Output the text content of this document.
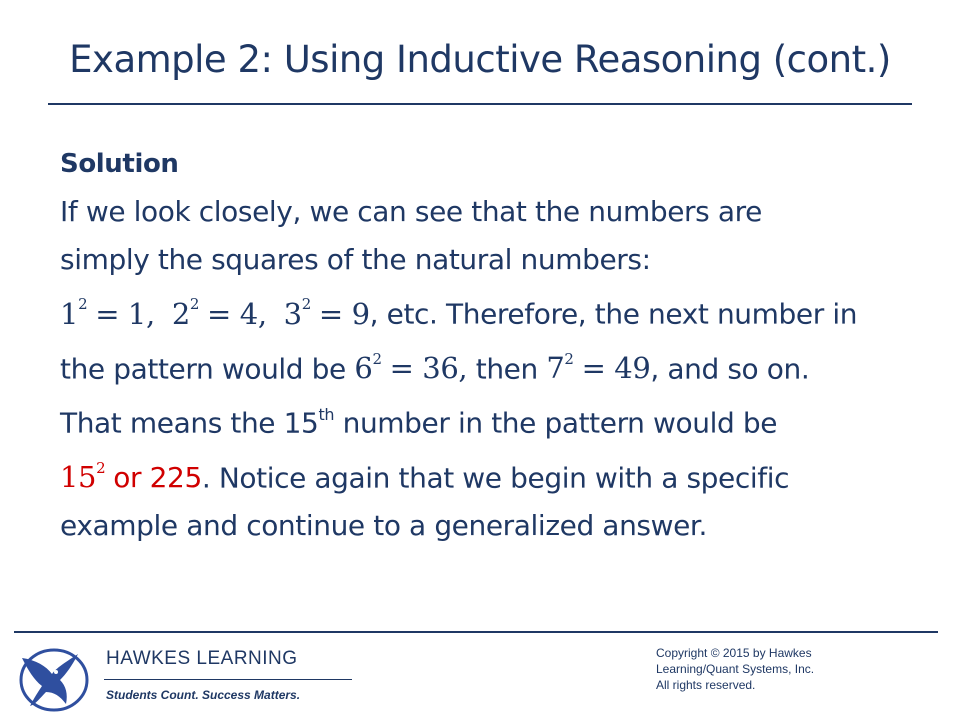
Example 2: Using Inductive Reasoning (cont.)
Solution
If we look closely, we can see that the numbers are
simply the squares of the natural numbers:
$1^2 = 1$, $2^2 = 4$, $3^2 = 9$, etc. Therefore, the next number in
the pattern would be $6^2 = 36$, then $7^2 = 49$, and so on.
That means the 15th number in the pattern would be
$15^2$ or 225. Notice again that we begin with a specific
example and continue to a generalized answer.
HAWKES LEARNING
Students Count. Success Matters.
Copyright © 2015 by Hawkes
Learning/Quant Systems, Inc.
All rights reserved.
